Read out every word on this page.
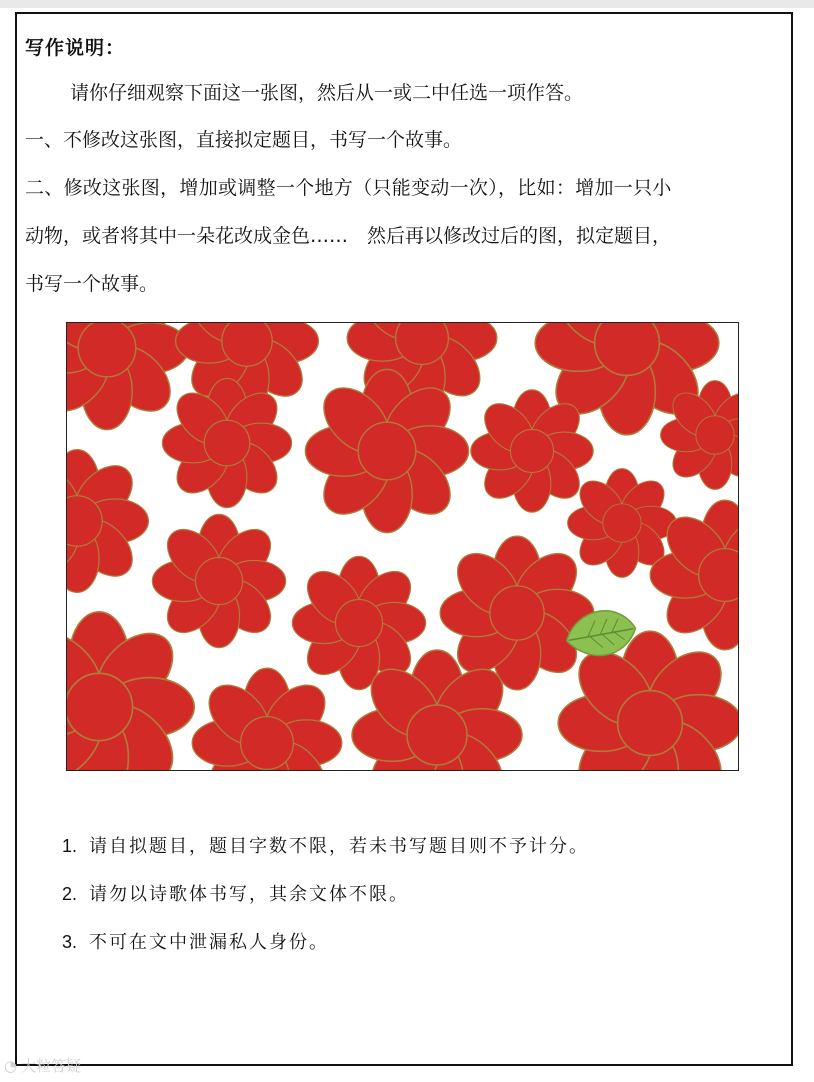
写作说明：
请你仔细观察下面这一张图，然后从一或二中任选一项作答。
一、不修改这张图，直接拟定题目，书写一个故事。
二、修改这张图，增加或调整一个地方（只能变动一次），比如：增加一只小
动物，或者将其中一朵花改成金色……　然后再以修改过后的图，拟定题目，
书写一个故事。
1. 请自拟题目，题目字数不限，若未书写题目则不予计分。
2. 请勿以诗歌体书写，其余文体不限。
3. 不可在文中泄漏私人身份。
◔ 大粒答疑
